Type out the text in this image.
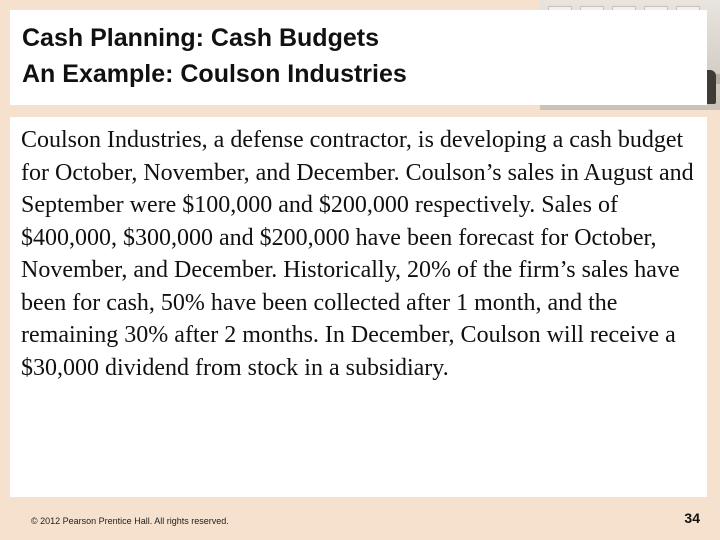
Cash Planning: Cash Budgets
An Example: Coulson Industries

Coulson Industries, a defense contractor, is developing a cash budget for October, November, and December. Coulson’s sales in August and September were $100,000 and $200,000 respectively. Sales of $400,000, $300,000 and $200,000 have been forecast for October, November, and December. Historically, 20% of the firm’s sales have been for cash, 50% have been collected after 1 month, and the remaining 30% after 2 months. In December, Coulson will receive a $30,000 dividend from stock in a subsidiary.

© 2012 Pearson Prentice Hall. All rights reserved.	34
